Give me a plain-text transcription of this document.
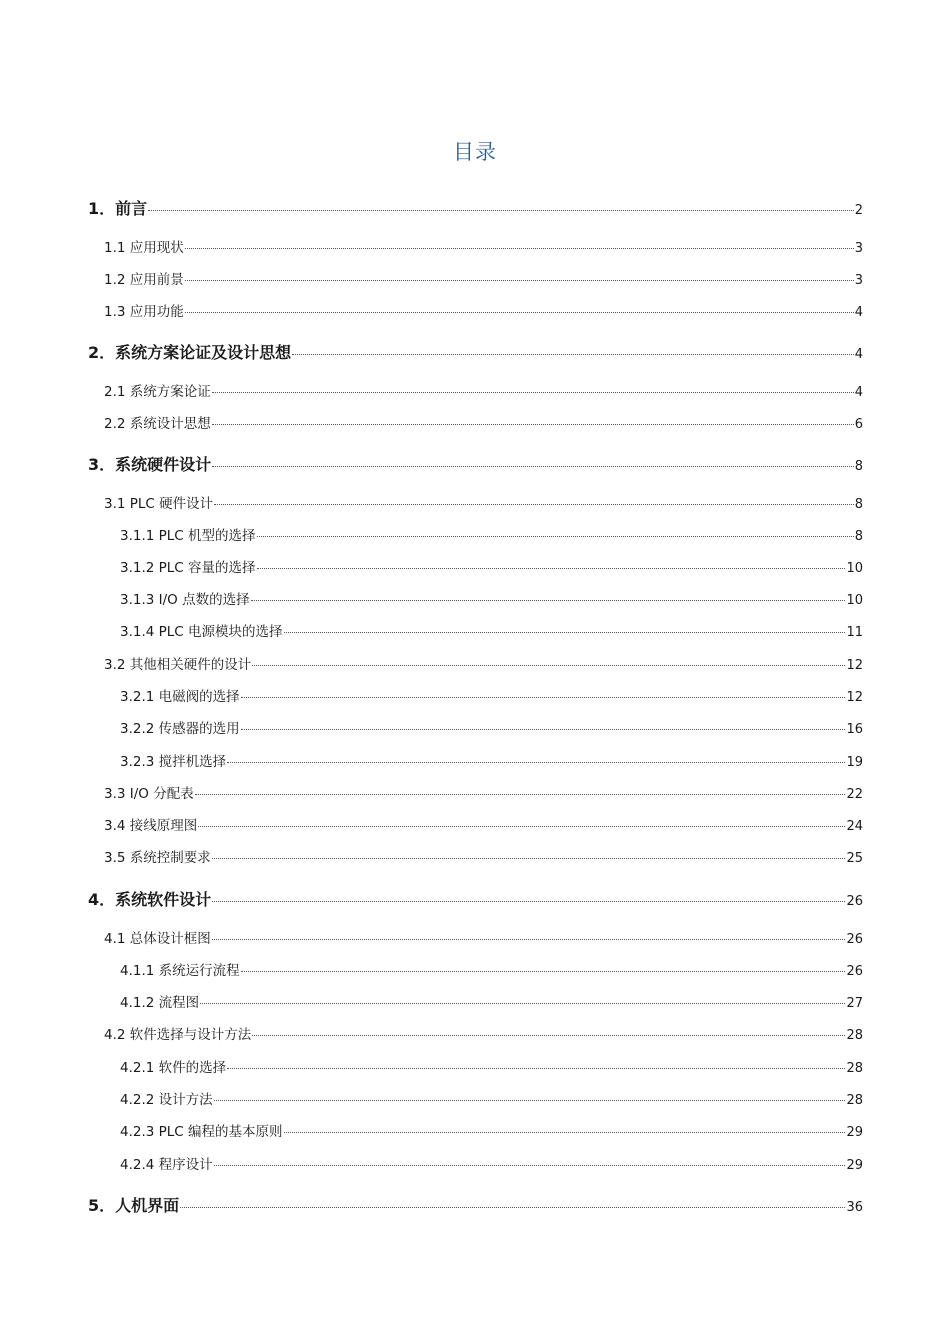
目录
1．前言	2
1.1 应用现状	3
1.2 应用前景	3
1.3 应用功能	4
2．系统方案论证及设计思想	4
2.1 系统方案论证	4
2.2 系统设计思想	6
3．系统硬件设计	8
3.1 PLC 硬件设计	8
3.1.1 PLC 机型的选择	8
3.1.2 PLC 容量的选择	10
3.1.3 I/O 点数的选择	10
3.1.4 PLC 电源模块的选择	11
3.2 其他相关硬件的设计	12
3.2.1 电磁阀的选择	12
3.2.2 传感器的选用	16
3.2.3 搅拌机选择	19
3.3 I/O 分配表	22
3.4 接线原理图	24
3.5 系统控制要求	25
4．系统软件设计	26
4.1 总体设计框图	26
4.1.1 系统运行流程	26
4.1.2 流程图	27
4.2 软件选择与设计方法	28
4.2.1 软件的选择	28
4.2.2 设计方法	28
4.2.3 PLC 编程的基本原则	29
4.2.4 程序设计	29
5．人机界面	36
